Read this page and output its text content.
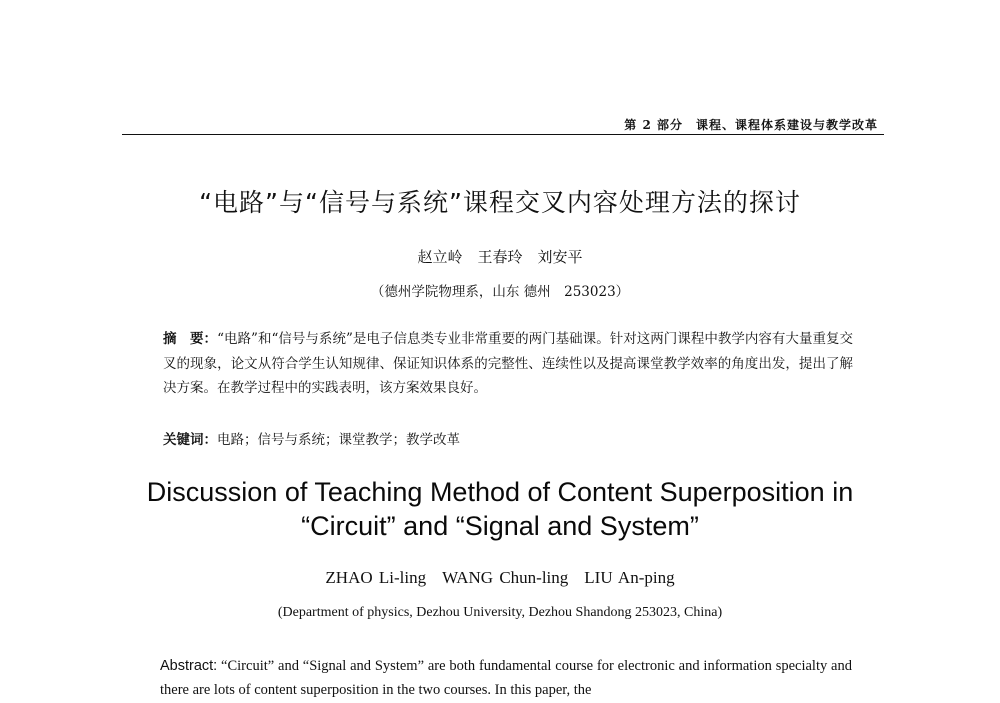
第 2 部分　课程、课程体系建设与教学改革
“电路”与“信号与系统”课程交叉内容处理方法的探讨
赵立岭　王春玲　刘安平
（德州学院物理系，山东 德州　253023）
摘　要：“电路”和“信号与系统”是电子信息类专业非常重要的两门基础课。针对这两门课程中教学内容有大量重复交叉的现象，论文从符合学生认知规律、保证知识体系的完整性、连续性以及提高课堂教学效率的角度出发，提出了解决方案。在教学过程中的实践表明，该方案效果良好。
关键词：电路；信号与系统；课堂教学；教学改革
Discussion of Teaching Method of Content Superposition in
“Circuit” and “Signal and System”
ZHAO Li-ling WANG Chun-ling LIU An-ping
(Department of physics, Dezhou University, Dezhou Shandong 253023, China)
Abstract: “Circuit” and “Signal and System” are both fundamental course for electronic and information specialty and there are lots of content superposition in the two courses. In this paper, the
